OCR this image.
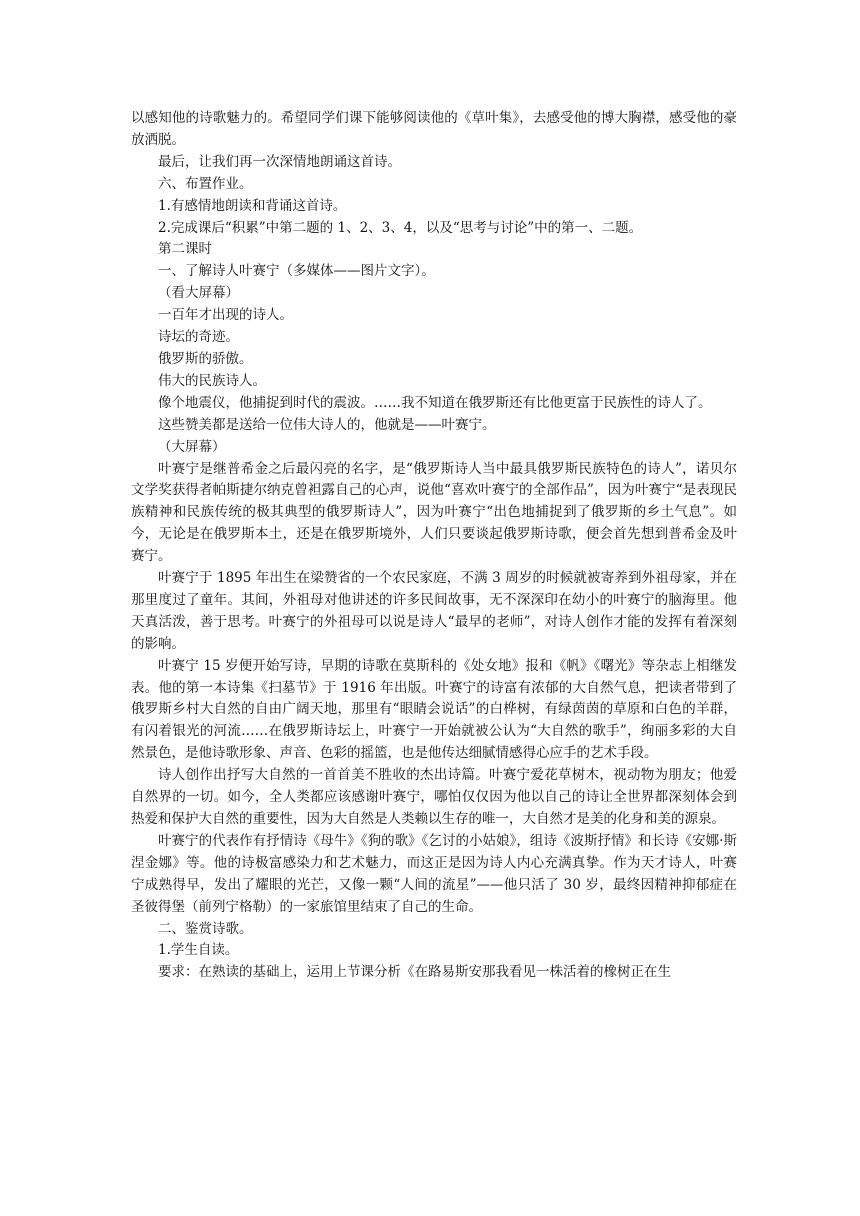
以感知他的诗歌魅力的。希望同学们课下能够阅读他的《草叶集》，去感受他的博大胸襟，感受他的豪放洒脱。

最后，让我们再一次深情地朗诵这首诗。

六、布置作业。

1.有感情地朗读和背诵这首诗。

2.完成课后“积累”中第二题的 1、2、3、4，以及“思考与讨论”中的第一、二题。

第二课时

一、了解诗人叶赛宁（多媒体——图片文字）。

（看大屏幕）

一百年才出现的诗人。

诗坛的奇迹。

俄罗斯的骄傲。

伟大的民族诗人。

像个地震仪，他捕捉到时代的震波。……我不知道在俄罗斯还有比他更富于民族性的诗人了。

这些赞美都是送给一位伟大诗人的，他就是——叶赛宁。

（大屏幕）

叶赛宁是继普希金之后最闪亮的名字，是“俄罗斯诗人当中最具俄罗斯民族特色的诗人”，诺贝尔文学奖获得者帕斯捷尔纳克曾袒露自己的心声，说他“喜欢叶赛宁的全部作品”，因为叶赛宁“是表现民族精神和民族传统的极其典型的俄罗斯诗人”，因为叶赛宁“出色地捕捉到了俄罗斯的乡土气息”。如今，无论是在俄罗斯本土，还是在俄罗斯境外，人们只要谈起俄罗斯诗歌，便会首先想到普希金及叶赛宁。

叶赛宁于 1895 年出生在梁赞省的一个农民家庭，不满 3 周岁的时候就被寄养到外祖母家，并在那里度过了童年。其间，外祖母对他讲述的许多民间故事，无不深深印在幼小的叶赛宁的脑海里。他天真活泼，善于思考。叶赛宁的外祖母可以说是诗人“最早的老师”，对诗人创作才能的发挥有着深刻的影响。

叶赛宁 15 岁便开始写诗，早期的诗歌在莫斯科的《处女地》报和《帆》《曙光》等杂志上相继发表。他的第一本诗集《扫墓节》于 1916 年出版。叶赛宁的诗富有浓郁的大自然气息，把读者带到了俄罗斯乡村大自然的自由广阔天地，那里有“眼睛会说话”的白桦树，有绿茵茵的草原和白色的羊群，有闪着银光的河流……在俄罗斯诗坛上，叶赛宁一开始就被公认为“大自然的歌手”，绚丽多彩的大自然景色，是他诗歌形象、声音、色彩的摇篮，也是他传达细腻情感得心应手的艺术手段。

诗人创作出抒写大自然的一首首美不胜收的杰出诗篇。叶赛宁爱花草树木，视动物为朋友；他爱自然界的一切。如今，全人类都应该感谢叶赛宁，哪怕仅仅因为他以自己的诗让全世界都深刻体会到热爱和保护大自然的重要性，因为大自然是人类赖以生存的唯一，大自然才是美的化身和美的源泉。

叶赛宁的代表作有抒情诗《母牛》《狗的歌》《乞讨的小姑娘》，组诗《波斯抒情》和长诗《安娜·斯涅金娜》等。他的诗极富感染力和艺术魅力，而这正是因为诗人内心充满真挚。作为天才诗人，叶赛宁成熟得早，发出了耀眼的光芒，又像一颗“人间的流星”——他只活了 30 岁，最终因精神抑郁症在圣彼得堡（前列宁格勒）的一家旅馆里结束了自己的生命。

二、鉴赏诗歌。

1.学生自读。

要求：在熟读的基础上，运用上节课分析《在路易斯安那我看见一株活着的橡树正在生
